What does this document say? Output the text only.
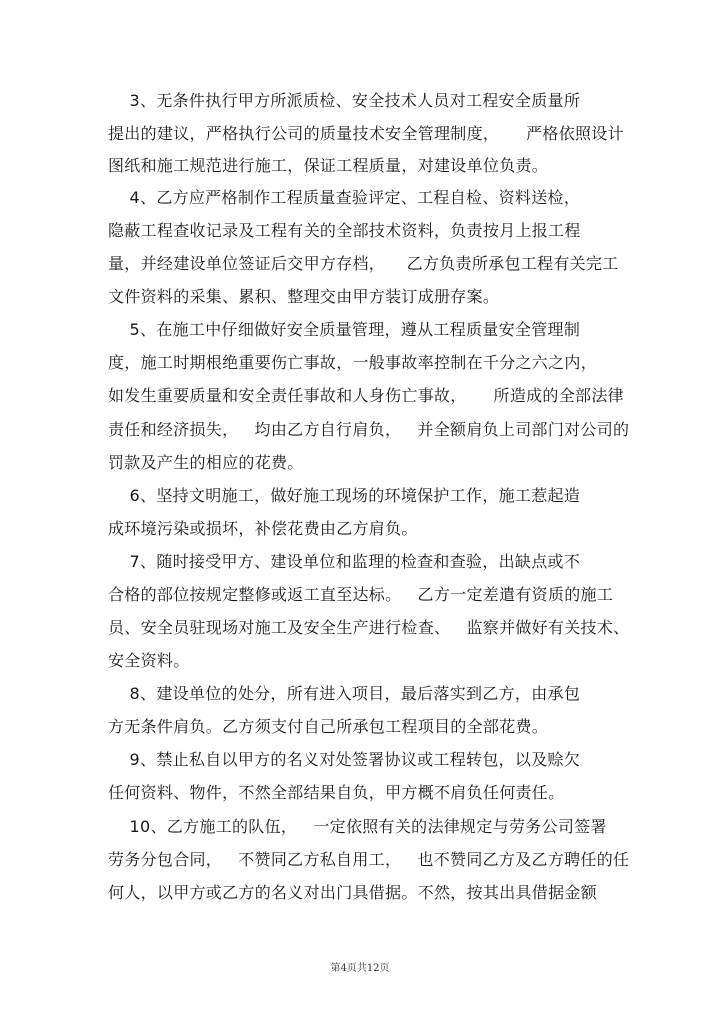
3、无条件执行甲方所派质检、安全技术人员对工程安全质量所
提出的建议，严格执行公司的质量技术安全管理制度，     严格依照设计
图纸和施工规范进行施工，保证工程质量，对建设单位负责。
4、乙方应严格制作工程质量查验评定、工程自检、资料送检，
隐蔽工程查收记录及工程有关的全部技术资料，负责按月上报工程
量，并经建设单位签证后交甲方存档，    乙方负责所承包工程有关完工
文件资料的采集、累积、整理交由甲方装订成册存案。
5、在施工中仔细做好安全质量管理，遵从工程质量安全管理制
度，施工时期根绝重要伤亡事故，一般事故率控制在千分之六之内，
如发生重要质量和安全责任事故和人身伤亡事故，     所造成的全部法律
责任和经济损失，   均由乙方自行肩负，   并全额肩负上司部门对公司的
罚款及产生的相应的花费。
6、坚持文明施工，做好施工现场的环境保护工作，施工惹起造
成环境污染或损坏，补偿花费由乙方肩负。
7、随时接受甲方、建设单位和监理的检查和查验，出缺点或不
合格的部位按规定整修或返工直至达标。   乙方一定差遣有资质的施工
员、安全员驻现场对施工及安全生产进行检查、   监察并做好有关技术、
安全资料。
8、建设单位的处分，所有进入项目，最后落实到乙方，由承包
方无条件肩负。乙方须支付自己所承包工程项目的全部花费。
9、禁止私自以甲方的名义对处签署协议或工程转包，以及赊欠
任何资料、物件，不然全部结果自负，甲方概不肩负任何责任。
10、乙方施工的队伍，   一定依照有关的法律规定与劳务公司签署
劳务分包合同，   不赞同乙方私自用工，   也不赞同乙方及乙方聘任的任
何人，以甲方或乙方的名义对出门具借据。不然，按其出具借据金额
第4页共12页
